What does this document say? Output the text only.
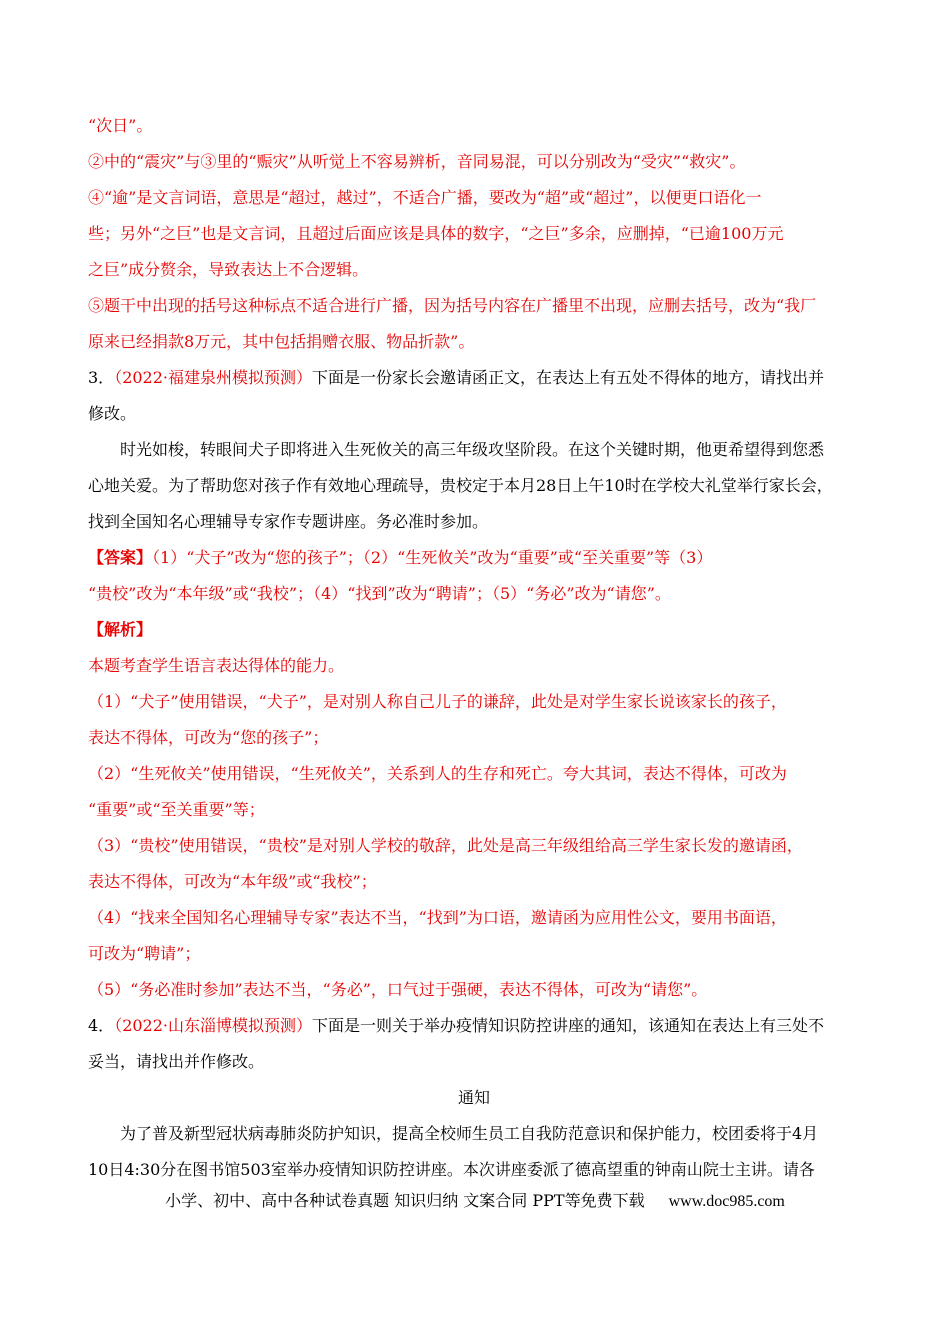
“次日”。
②中的“震灾”与③里的“赈灾”从听觉上不容易辨析，音同易混，可以分别改为“受灾”“救灾”。
④“逾”是文言词语，意思是“超过，越过”，不适合广播，要改为“超”或“超过”，以便更口语化一
些；另外“之巨”也是文言词，且超过后面应该是具体的数字，“之巨”多余，应删掉，“已逾100万元
之巨”成分赘余，导致表达上不合逻辑。
⑤题干中出现的括号这种标点不适合进行广播，因为括号内容在广播里不出现，应删去括号，改为“我厂
原来已经捐款8万元，其中包括捐赠衣服、物品折款”。
3．（2022·福建泉州模拟预测）下面是一份家长会邀请函正文，在表达上有五处不得体的地方，请找出并
修改。
时光如梭，转眼间犬子即将进入生死攸关的高三年级攻坚阶段。在这个关键时期，他更希望得到您悉
心地关爱。为了帮助您对孩子作有效地心理疏导，贵校定于本月28日上午10时在学校大礼堂举行家长会，
找到全国知名心理辅导专家作专题讲座。务必准时参加。
【答案】（1）“犬子”改为“您的孩子”；（2）“生死攸关”改为“重要”或“至关重要”等（3）
“贵校”改为“本年级”或“我校”；（4）“找到”改为“聘请”；（5）“务必”改为“请您”。
【解析】
本题考查学生语言表达得体的能力。
（1）“犬子”使用错误，“犬子”，是对别人称自己儿子的谦辞，此处是对学生家长说该家长的孩子，
表达不得体，可改为“您的孩子”；
（2）“生死攸关”使用错误，“生死攸关”，关系到人的生存和死亡。夸大其词，表达不得体，可改为
“重要”或“至关重要”等；
（3）“贵校”使用错误，“贵校”是对别人学校的敬辞，此处是高三年级组给高三学生家长发的邀请函，
表达不得体，可改为“本年级”或“我校”；
（4）“找来全国知名心理辅导专家”表达不当，“找到”为口语，邀请函为应用性公文，要用书面语，
可改为“聘请”；
（5）“务必准时参加”表达不当，“务必”，口气过于强硬，表达不得体，可改为“请您”。
4．（2022·山东淄博模拟预测）下面是一则关于举办疫情知识防控讲座的通知，该通知在表达上有三处不
妥当，请找出并作修改。
通知
为了普及新型冠状病毒肺炎防护知识，提高全校师生员工自我防范意识和保护能力，校团委将于4月
10日4:30分在图书馆503室举办疫情知识防控讲座。本次讲座委派了德高望重的钟南山院士主讲。请各
小学、初中、高中各种试卷真题 知识归纳 文案合同 PPT等免费下载 www.doc985.com
